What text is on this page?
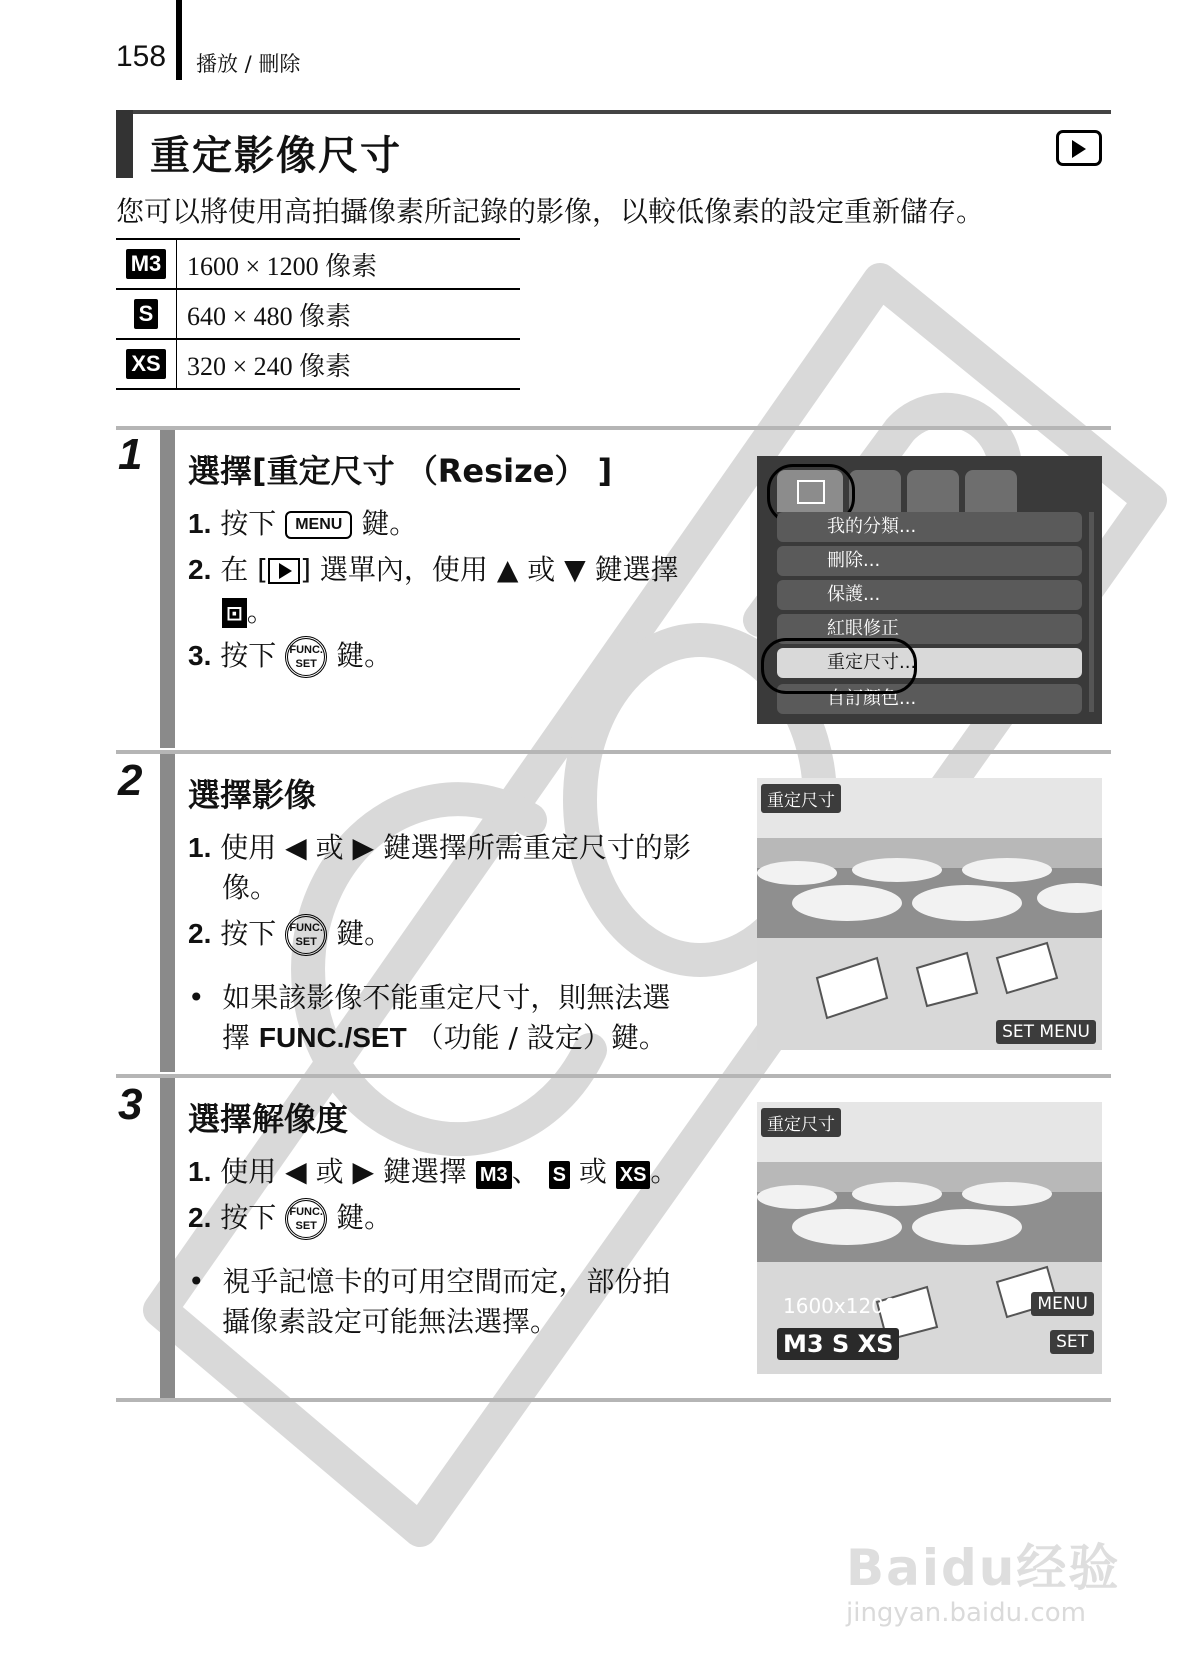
158 播放 / 刪除
重定影像尺寸
您可以將使用高拍攝像素所記錄的影像，以較低像素的設定重新儲存。
M3	1600 × 1200 像素
S	640 × 480 像素
XS	320 × 240 像素
1 選擇[重定尺寸 （Resize） ]
1. 按下 MENU 鍵。
2. 在 [ ] 選單內，使用 ▲ 或 ▼ 鍵選擇
⊡ 。
3. 按下 FUNC.
SET 鍵。
我的分類...
刪除...
保護...
紅眼修正
重定尺寸...
自訂顏色...
2 選擇影像
1. 使用 ◀ 或 ▶ 鍵選擇所需重定尺寸的影
像。
2. 按下 FUNC.
SET 鍵。
•  如果該影像不能重定尺寸，則無法選
擇 FUNC./SET （功能 / 設定）鍵。
重定尺寸
SET MENU
3 選擇解像度
1. 使用 ◀ 或 ▶ 鍵選擇 M3 、 S 或 XS 。
2. 按下 FUNC.
SET 鍵。
•  視乎記憶卡的可用空間而定，部份拍
攝像素設定可能無法選擇。
重定尺寸
1600x1200
M3 S XS
MENU
SET
Baidu经验
jingyan.baidu.com
